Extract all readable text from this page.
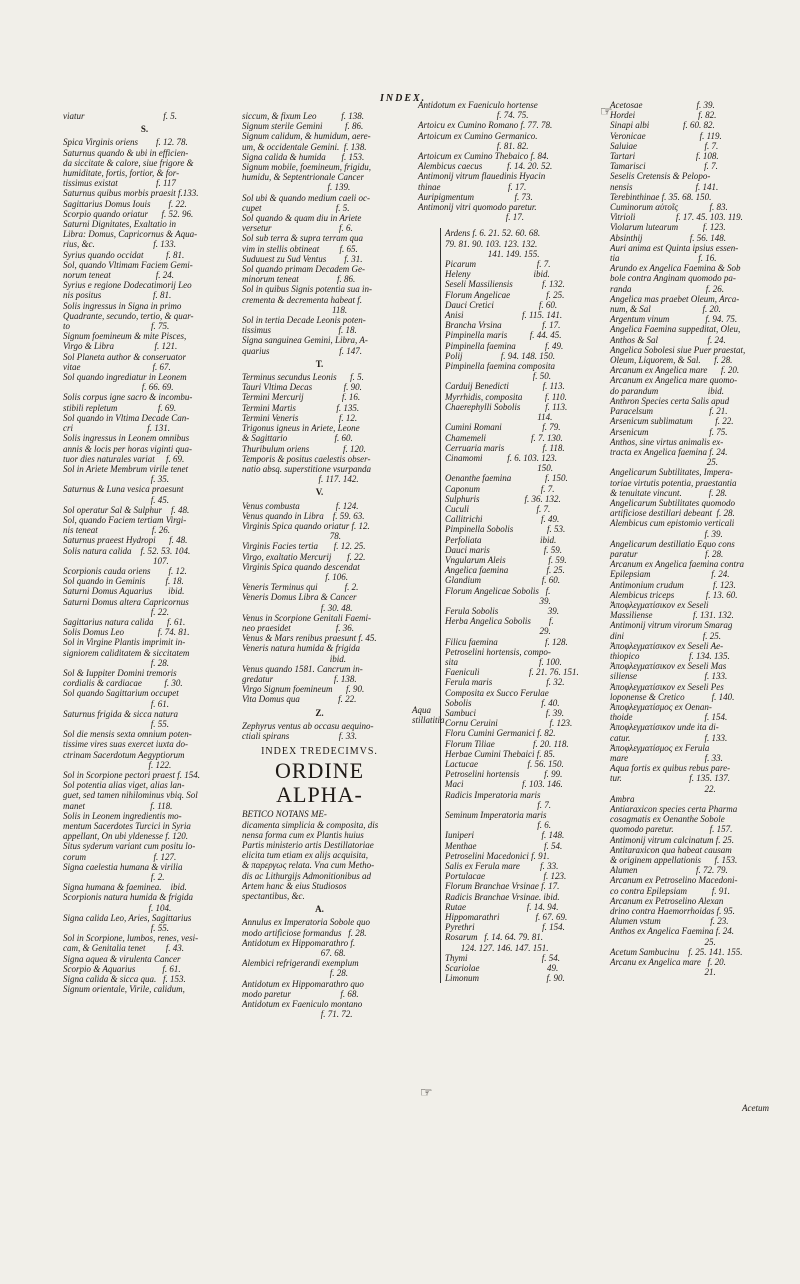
INDEX.
viatur                                   f. 5.
S.
Spica Virginis oriens        f. 12. 78.
Saturnus quando & ubi in efficien-
da siccitate & calore, siue frigore &
humiditate, fortis, fortior, & for-
tissimus existat                 f. 117
Saturnus quibus morbis praesit f.133.
Sagittarius Domus Iouis        f. 22.
Scorpio quando oriatur      f. 52. 96.
Saturni Dignitates, Exaltatio in
Libra: Domus, Capricornus & Aqua-
rius, &c.                          f. 133.
Syrius quando occidat          f. 81.
Sol, quando Vltimam Faciem Gemi-
norum teneat                    f. 24.
Syrius e regione Dodecatimorij Leo
nis positus                       f. 81.
Solis ingressus in Signa in primo
Quadrante, secundo, tertio, & quar-
to                                    f. 75.
Signum foemineum & mite Pisces,
Virgo & Libra                  f. 121.
Sol Planeta author & conseruator
vitae                                f. 67.
Sol quando ingrediatur in Leonem
f. 66. 69.
Solis corpus igne sacro & incombu-
stibili repletum                  f. 69.
Sol quando in Vltima Decade Can-
cri                                 f. 131.
Solis ingressus in Leonem omnibus
annis & locis per horas viginti qua-
tuor dies naturales variat     f. 69.
Sol in Ariete Membrum virile tenet
f. 35.
Saturnus & Luna vesica praesunt
f. 45.
Sol operatur Sal & Sulphur    f. 48.
Sol, quando Faciem tertiam Virgi-
nis teneat                        f. 26.
Saturnus praeest Hydropi      f. 48.
Solis natura calida    f. 52. 53. 104.
107.
Scorpionis cauda oriens        f. 12.
Sol quando in Geminis         f. 18.
Saturni Domus Aquarius       ibid.
Saturni Domus altera Capricornus
f. 22.
Sagittarius natura calida      f. 61.
Solis Domus Leo               f. 74. 81.
Sol in Virgine Plantis imprimit in-
signiorem caliditatem & siccitatem
f. 28.
Sol & Iuppiter Domini tremoris
cordialis & cardiacae          f. 30.
Sol quando Sagittarium occupet
f. 61.
Saturnus frigida & sicca natura
f. 55.
Sol die mensis sexta omnium poten-
tissime vires suas exercet iuxta do-
ctrinam Sacerdotum Aegyptiorum
f. 122.
Sol in Scorpione pectori praest f. 154.
Sol potentia alias viget, alias lan-
guet, sed tamen nihilominus vbiq. Sol
manet                             f. 118.
Solis in Leonem ingredientis mo-
mentum Sacerdotes Turcici in Syria
appellant, On ubi yldenesse f. 120.
Situs syderum variant cum positu lo-
corum                              f. 127.
Signa caelestia humana & virilia
f. 2.
Signa humana & faeminea.    ibid.
Scorpionis natura humida & frigida
f. 104.
Signa calida Leo, Aries, Sagittarius
f. 55.
Sol in Scorpione, lumbos, renes, vesi-
cam, & Genitalia tenet         f. 43.
Signa aquea & virulenta Cancer
Scorpio & Aquarius            f. 61.
Signa calida & sicca qua.   f. 153.
Signum orientale, Virile, calidum,
siccum, & fixum Leo           f. 138.
Signum sterile Gemini          f. 86.
Signum calidum, & humidum, aere-
um, & occidentale Gemini.  f. 138.
Signa calida & humida       f. 153.
Signum mobile, foemineum, frigidu,
humidu, & Septentrionale Cancer
f. 139.
Sol ubi & quando medium caeli oc-
cupet                                 f. 5.
Sol quando & quam diu in Ariete
versetur                              f. 6.
Sol sub terra & supra terram qua
vim in stellis obtineat         f. 65.
Suduuest zu Sud Ventus        f. 31.
Sol quando primam Decadem Ge-
minorum teneat                 f. 86.
Sol in quibus Signis potentia sua in-
crementa & decrementa habeat f.
118.
Sol in tertia Decade Leonis poten-
tissimus                              f. 18.
Signa sanguinea Gemini, Libra, A-
quarius                               f. 147.
T.
Terminus secundus Leonis      f. 5.
Tauri Vltima Decas              f. 90.
Termini Mercurij                 f. 16.
Termini Martis                  f. 135.
Termini Veneris                  f. 12.
Trigonus igneus in Ariete, Leone
& Sagittario                     f. 60.
Thuribulum oriens               f. 120.
Temporis & positus caelestis obser-
natio absq. superstitione vsurpanda
f. 117. 142.
V.
Venus combusta                f. 124.
Venus quando in Libra    f. 59. 63.
Virginis Spica quando oriatur f. 12.
78.
Virginis Facies tertia       f. 12. 25.
Virgo, exaltatio Mercurij       f. 22.
Virginis Spica quando descendat
f. 106.
Veneris Terminus qui            f. 2.
Veneris Domus Libra & Cancer
f. 30. 48.
Venus in Scorpione Genitali Faemi-
neo praesidet                    f. 36.
Venus & Mars renibus praesunt f. 45.
Veneris natura humida & frigida
ibid.
Venus quando 1581. Cancrum in-
gredatur                           f. 138.
Virgo Signum foemineum      f. 90.
Vita Domus qua                 f. 22.
Z.
Zephyrus ventus ab occasu aequino-
ctiali spirans                      f. 33.
INDEX TREDECIMVS.
ORDINE ALPHA-
BETICO NOTANS ME-
dicamenta simplicia & composita, dis
nensa forma cum ex Plantis huius
Partis ministerio artis Destillatoriae
elicita tum etiam ex alijs acquisita,
& παρεργως relata. Vna cum Metho-
dis ac Lithurgijs Admonitionibus ad
Artem hanc & eius Studiosos
spectantibus, &c.
A.
Annulus ex Imperatoria Sobole quo
modo artificiose formandus   f. 28.
Antidotum ex Hippomarathro f.
67. 68.
Alembici refrigerandi exemplum
f. 28.
Antidotum ex Hippomarathro quo
modo paretur                      f. 68.
Antidotum ex Faeniculo montano
f. 71. 72.
Antidotum ex Faeniculo hortense
f. 74. 75.
Artoicu ex Cumino Romano f. 77. 78.
Artoicum ex Cumino Germanico.
f. 81. 82.
Artoicum ex Cumino Thebaico f. 84.
Alembicus caecus           f. 14. 20. 52.
Antimonij vitrum flauedinis Hyacin
thinae                              f. 17.
Auripigmentum                  f. 73.
Antimonij vitri quomodo paretur.
f. 17.
Ardens f. 6. 21. 52. 60. 68.
79. 81. 90. 103. 123. 132.
141. 149. 155.
Picarum                           f. 7.
Heleny                            ibid.
Seseli Massiliensis             f. 132.
Florum Angelicae                f. 25.
Dauci Cretici                    f. 60.
Anisi                          f. 115. 141.
Brancha Vrsina                  f. 17.
Pimpinella maris          f. 44. 45.
Pimpinella faemina             f. 49.
Polij                 f. 94. 148. 150.
Pimpinella faemina composita
f. 50.
Carduij Benedicti               f. 113.
Myrrhidis, composita          f. 110.
Chaerephylli Sobolis           f. 113.
114.
Cumini Romani                  f. 79.
Chamemeli                    f. 7. 130.
Cerruaria maris                 f. 118.
Cinamomi           f. 6. 103. 123.
150.
Oenanthe faemina               f. 150.
Caponum                           f. 7.
Sulphuris                    f. 36. 132.
Cuculi                              f. 7.
Callitrichi                          f. 49.
Pimpinella Sobolis               f. 53.
Perfoliata                          ibid.
Dauci maris                        f. 59.
Vngularum Aleis                   f. 59.
Angelica faemina                 f. 25.
Glandium                           f. 60.
Florum Angelicae Sobolis   f.
39.
Ferula Sobolis                      39.
Herba Angelica Sobolis        f.
29.
Filicu faemina                     f. 128.
Petroselini hortensis, compo-
sita                                    f. 100.
Faeniculi                      f. 21. 76. 151.
Ferula maris                        f. 32.
Composita ex Succo Ferulae
Sobolis                               f. 40.
Sambuci                               f. 39.
Cornu Ceruini                       f. 123.
Floru Cumini Germanici f. 82.
Florum Tiliae                 f. 20. 118.
Herbae Cumini Thebaici f. 85.
Lactucae                      f. 56. 150.
Petroselini hortensis           f. 99.
Maci                          f. 103. 146.
Radicis Imperatoria maris
f. 7.
Seminum Imperatoria maris
f. 6.
Iuniperi                              f. 148.
Menthae                              f. 54.
Petroselini Macedonici f. 91.
Salis ex Ferula mare         f. 33.
Portulacae                          f. 123.
Florum Branchae Vrsinae f. 17.
Radicis Branchae Vrsinae. ibid.
Rutae                           f. 14. 94.
Hippomarathri                f. 67. 69.
Pyrethri                              f. 154.
Rosarum   f. 14. 64. 79. 81.
124. 127. 146. 147. 151.
Thymi                                 f. 54.
Scariolae                              49.
Limonum                              f. 90.
Aqua stillatitia
☞
☞
Acetosae                        f. 39.
Hordei                            f. 82.
Sinapi albi               f. 60. 82.
Veronicae                        f. 119.
Saluiae                              f. 7.
Tartari                           f. 108.
Tamarisci                          f. 7.
Seselis Cretensis & Pelopo-
nensis                            f. 141.
Terebinthinae f. 35. 68. 150.
Cuminorum αὐτοῖς              f. 83.
Vitrioli                  f. 17. 45. 103. 119.
Violarum lutearum           f. 123.
Absinthij                     f. 56. 148.
Auri anima est Quinta ipsius essen-
tia                                   f. 16.
Arundo ex Angelica Faemina & Sob
bole contra Anginam quomodo pa-
randa                                 f. 26.
Angelica mas praebet Oleum, Arca-
num, & Sal                       f. 20.
Argentum vinum                f. 94. 75.
Angelica Faemina suppeditat, Oleu,
Anthos & Sal                      f. 24.
Angelica Sobolesi siue Puer praestat,
Oleum, Liquorem, & Sal.      f. 28.
Arcanum ex Angelica mare      f. 20.
Arcanum ex Angelica mare quomo-
do parandum                      ibid.
Anthron Species certa Salis apud
Paracelsum                         f. 21.
Arsenicum sublimatum          f. 22.
Arsenicum                           f. 75.
Anthos, sine virtus animalis ex-
tracta ex Angelica faemina f. 24.
25.
Angelicarum Subtilitates, Impera-
toriae virtutis potentia, praestantia
& tenuitate vincunt.            f. 28.
Angelicarum Subtilitates quomodo
artificiose destillari debeant  f. 28.
Alembicus cum epistomio verticali
f. 39.
Angelicarum destillatio Equo cons
paratur                              f. 28.
Arcanum ex Angelica faemina contra
Epilepsiam                           f. 24.
Antimonium crudum             f. 123.
Alembicus triceps              f. 13. 60.
Ἀποφλεγματίσικον ex Seseli
Massiliense                  f. 131. 132.
Antimonij vitrum virorum Smarag
dini                                   f. 25.
Ἀποφλεγματίσικον ex Seseli Ae-
thiopico                      f. 134. 135.
Ἀποφλεγματίσικον ex Seseli Mas
siliense                              f. 133.
Ἀποφλεγματίσικον ex Seseli Pes
loponense & Cretico            f. 140.
Ἀποφλεγματίσμος ex Oenan-
thoide                                f. 154.
Ἀποφλεγματίσικον unde ita di-
catur.                                 f. 133.
Ἀποφλεγματίσμος ex Ferula
mare                                  f. 33.
Aqua fortis ex quibus rebus pare-
tur.                              f. 135. 137.
22.
Ambra
Antiaraxicon species certa Pharma
cosagmatis ex Oenanthe Sobole
quomodo paretur.                f. 157.
Antimonij vitrum calcinatum f. 25.
Antitaraxicon qua habeat causam
& originem appellationis      f. 153.
Alumen                          f. 72. 79.
Arcanum ex Petroselino Macedoni-
co contra Epilepsiam           f. 91.
Arcanum ex Petroselino Alexan
drino contra Haemorrhoidas f. 95.
Alumen vstum                      f. 23.
Anthos ex Angelica Faemina f. 24.
25.
Acetum Sambucinu    f. 25. 141. 155.
Arcanu ex Angelica mare   f. 20.
21.
Acetum
